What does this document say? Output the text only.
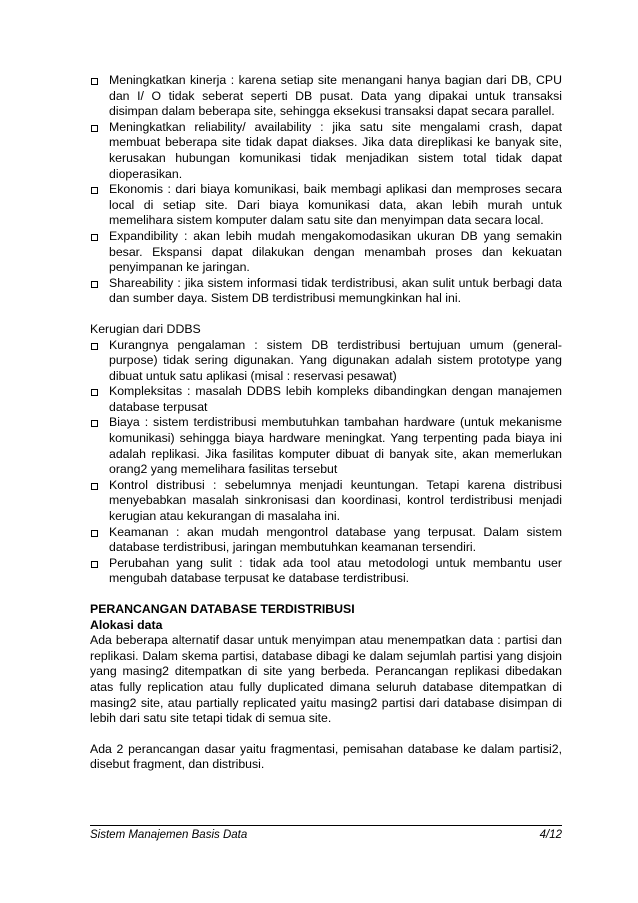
Meningkatkan kinerja : karena setiap site menangani hanya bagian dari DB, CPU dan I/ O tidak seberat seperti DB pusat. Data yang dipakai untuk transaksi disimpan dalam beberapa site, sehingga eksekusi transaksi dapat secara parallel.
Meningkatkan reliability/ availability : jika satu site mengalami crash, dapat membuat beberapa site tidak dapat diakses. Jika data direplikasi ke banyak site, kerusakan hubungan komunikasi tidak menjadikan sistem total tidak dapat dioperasikan.
Ekonomis : dari biaya komunikasi, baik membagi aplikasi dan memproses secara local di setiap site. Dari biaya komunikasi data, akan lebih murah untuk memelihara sistem komputer dalam satu site dan menyimpan data secara local.
Expandibility : akan lebih mudah mengakomodasikan ukuran DB yang semakin besar. Ekspansi dapat dilakukan dengan menambah proses dan kekuatan penyimpanan ke jaringan.
Shareability : jika sistem informasi tidak terdistribusi, akan sulit untuk berbagi data dan sumber daya. Sistem DB terdistribusi memungkinkan hal ini.

Kerugian dari DDBS

Kurangnya pengalaman : sistem DB terdistribusi bertujuan umum (general-purpose) tidak sering digunakan. Yang digunakan adalah sistem prototype yang dibuat untuk satu aplikasi (misal : reservasi pesawat)
Kompleksitas : masalah DDBS lebih kompleks dibandingkan dengan manajemen database terpusat
Biaya : sistem terdistribusi membutuhkan tambahan hardware (untuk mekanisme komunikasi) sehingga biaya hardware meningkat. Yang terpenting pada biaya ini adalah replikasi. Jika fasilitas komputer dibuat di banyak site, akan memerlukan orang2 yang memelihara fasilitas tersebut
Kontrol distribusi : sebelumnya menjadi keuntungan. Tetapi karena distribusi menyebabkan masalah sinkronisasi dan koordinasi, kontrol terdistribusi menjadi kerugian atau kekurangan di masalaha ini.
Keamanan : akan mudah mengontrol database yang terpusat. Dalam sistem database terdistribusi, jaringan membutuhkan keamanan tersendiri.
Perubahan yang sulit : tidak ada tool atau metodologi untuk membantu user mengubah database terpusat ke database terdistribusi.

PERANCANGAN DATABASE TERDISTRIBUSI

Alokasi data

Ada beberapa alternatif dasar untuk menyimpan atau menempatkan data : partisi dan replikasi. Dalam skema partisi, database dibagi ke dalam sejumlah partisi yang disjoin yang masing2 ditempatkan di site yang berbeda. Perancangan replikasi dibedakan atas fully replication atau fully duplicated dimana seluruh database ditempatkan di masing2 site, atau partially replicated yaitu masing2 partisi dari database disimpan di lebih dari satu site tetapi tidak di semua site.

Ada 2 perancangan dasar yaitu fragmentasi, pemisahan database ke dalam partisi2, disebut fragment, dan distribusi.

Sistem Manajemen Basis Data	4/12
